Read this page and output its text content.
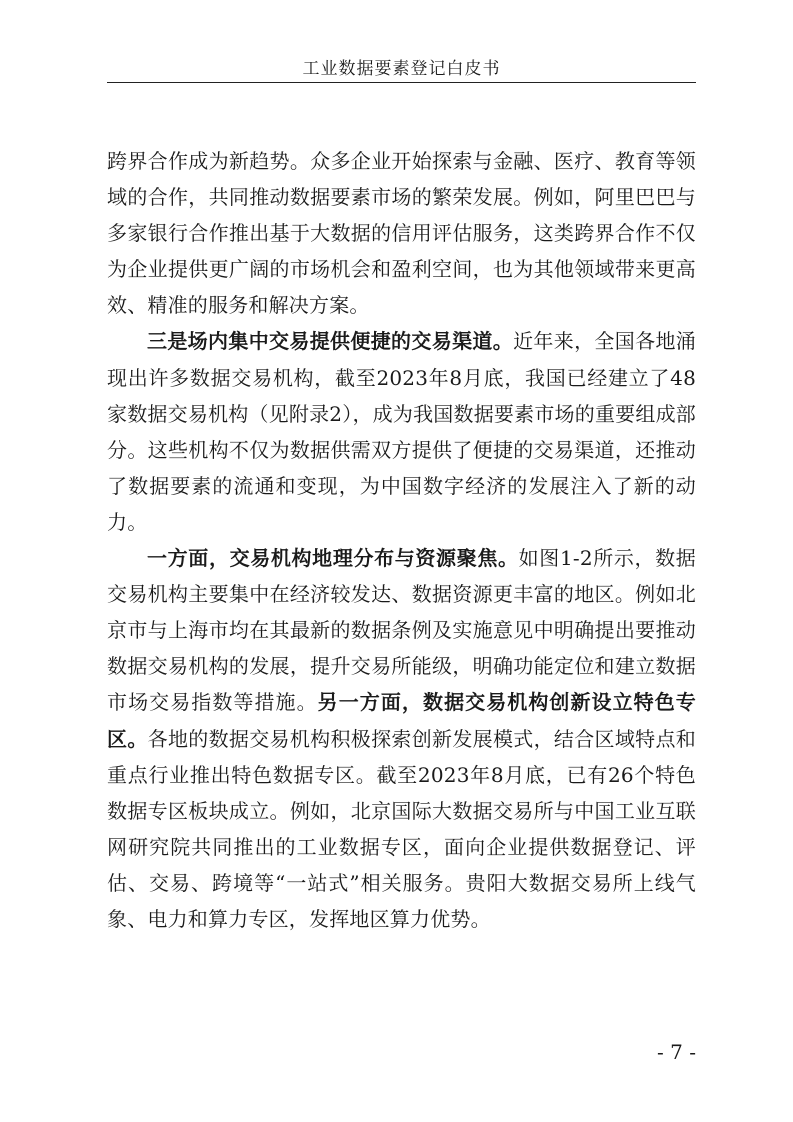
工业数据要素登记白皮书

跨界合作成为新趋势。众多企业开始探索与金融、医疗、教育等领域的合作，共同推动数据要素市场的繁荣发展。例如，阿里巴巴与多家银行合作推出基于大数据的信用评估服务，这类跨界合作不仅为企业提供更广阔的市场机会和盈利空间，也为其他领域带来更高效、精准的服务和解决方案。

三是场内集中交易提供便捷的交易渠道。近年来，全国各地涌现出许多数据交易机构，截至2023年8月底，我国已经建立了48家数据交易机构（见附录2），成为我国数据要素市场的重要组成部分。这些机构不仅为数据供需双方提供了便捷的交易渠道，还推动了数据要素的流通和变现，为中国数字经济的发展注入了新的动力。

一方面，交易机构地理分布与资源聚焦。如图1-2所示，数据交易机构主要集中在经济较发达、数据资源更丰富的地区。例如北京市与上海市均在其最新的数据条例及实施意见中明确提出要推动数据交易机构的发展，提升交易所能级，明确功能定位和建立数据市场交易指数等措施。另一方面，数据交易机构创新设立特色专区。各地的数据交易机构积极探索创新发展模式，结合区域特点和重点行业推出特色数据专区。截至2023年8月底，已有26个特色数据专区板块成立。例如，北京国际大数据交易所与中国工业互联网研究院共同推出的工业数据专区，面向企业提供数据登记、评估、交易、跨境等“一站式”相关服务。贵阳大数据交易所上线气象、电力和算力专区，发挥地区算力优势。

- 7 -
